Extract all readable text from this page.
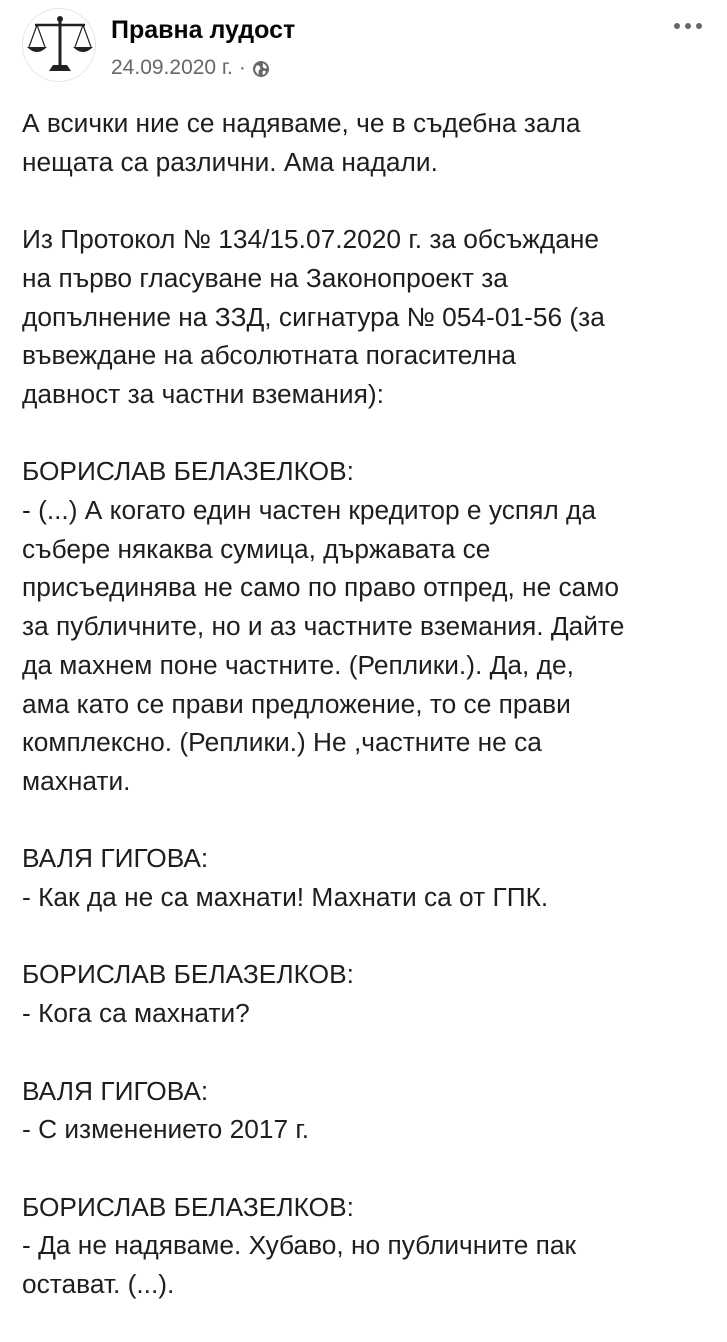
Правна лудост
24.09.2020 г. ·

А всички ние се надяваме, че в съдебна зала
нещата са различни. Ама надали.

Из Протокол № 134/15.07.2020 г. за обсъждане
на първо гласуване на Законопроект за
допълнение на ЗЗД, сигнатура № 054-01-56 (за
въвеждане на абсолютната погасителна
давност за частни вземания):

БОРИСЛАВ БЕЛАЗЕЛКОВ:
- (...) А когато един частен кредитор е успял да
събере някаква сумица, държавата се
присъединява не само по право отпред, не само
за публичните, но и аз частните вземания. Дайте
да махнем поне частните. (Реплики.). Да, де,
ама като се прави предложение, то се прави
комплексно. (Реплики.) Не ,частните не са
махнати.

ВАЛЯ ГИГОВА:
- Как да не са махнати! Махнати са от ГПК.

БОРИСЛАВ БЕЛАЗЕЛКОВ:
- Кога са махнати?

ВАЛЯ ГИГОВА:
- С изменението 2017 г.

БОРИСЛАВ БЕЛАЗЕЛКОВ:
- Да не надяваме. Хубаво, но публичните пак
остават. (...).
